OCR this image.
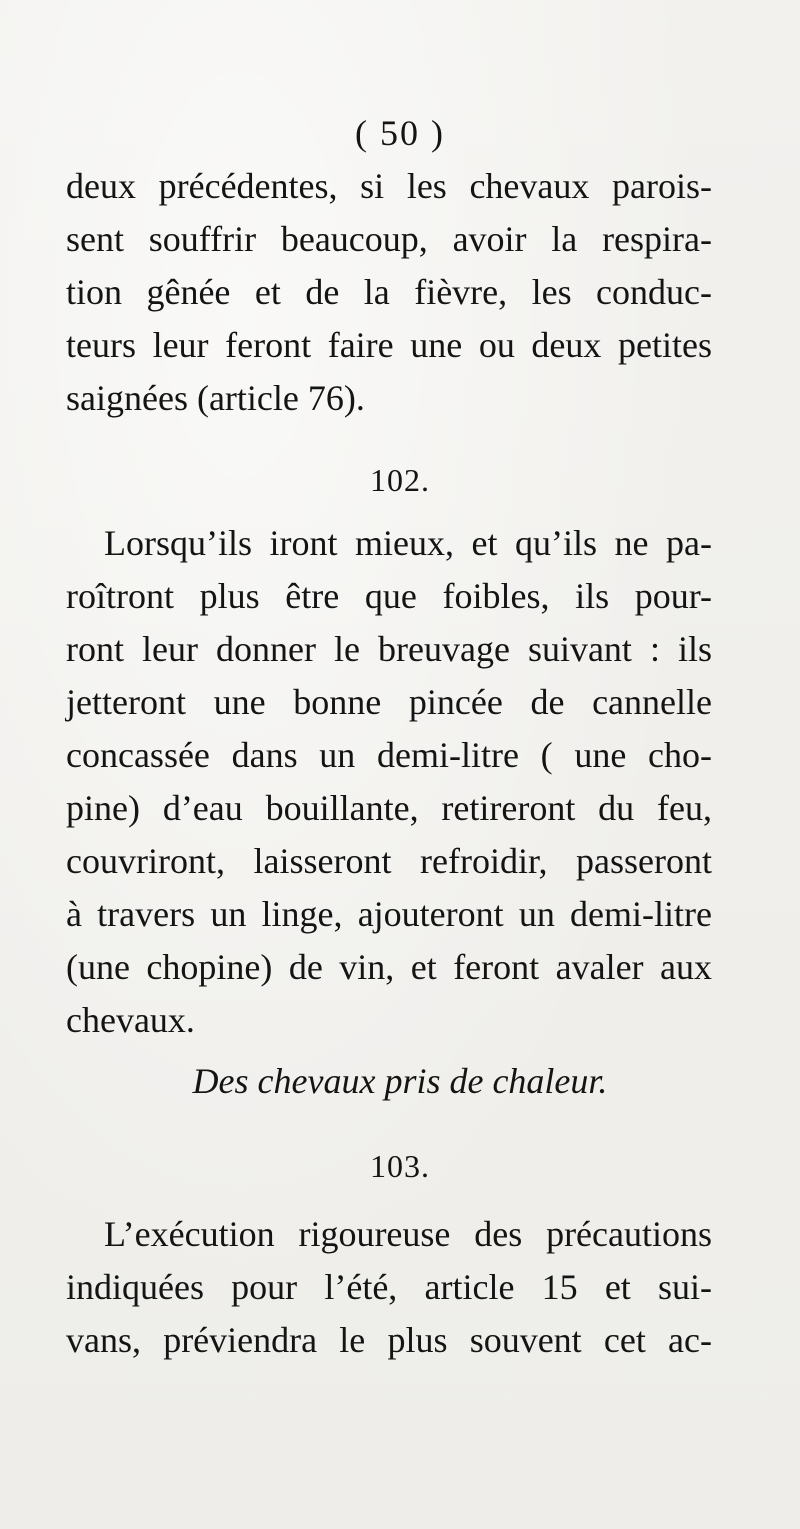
( 50 )
deux précédentes, si les chevaux parois-
sent souffrir beaucoup, avoir la respira-
tion gênée et de la fièvre, les conduc-
teurs leur feront faire une ou deux petites
saignées (article 76).
102.
Lorsqu’ils iront mieux, et qu’ils ne pa-
roîtront plus être que foibles, ils pour-
ront leur donner le breuvage suivant : ils
jetteront une bonne pincée de cannelle
concassée dans un demi-litre ( une cho-
pine) d’eau bouillante, retireront du feu,
couvriront, laisseront refroidir, passeront
à travers un linge, ajouteront un demi-litre
(une chopine) de vin, et feront avaler aux
chevaux.
Des chevaux pris de chaleur.
103.
L’exécution rigoureuse des précautions
indiquées pour l’été, article 15 et sui-
vans, préviendra le plus souvent cet ac-
